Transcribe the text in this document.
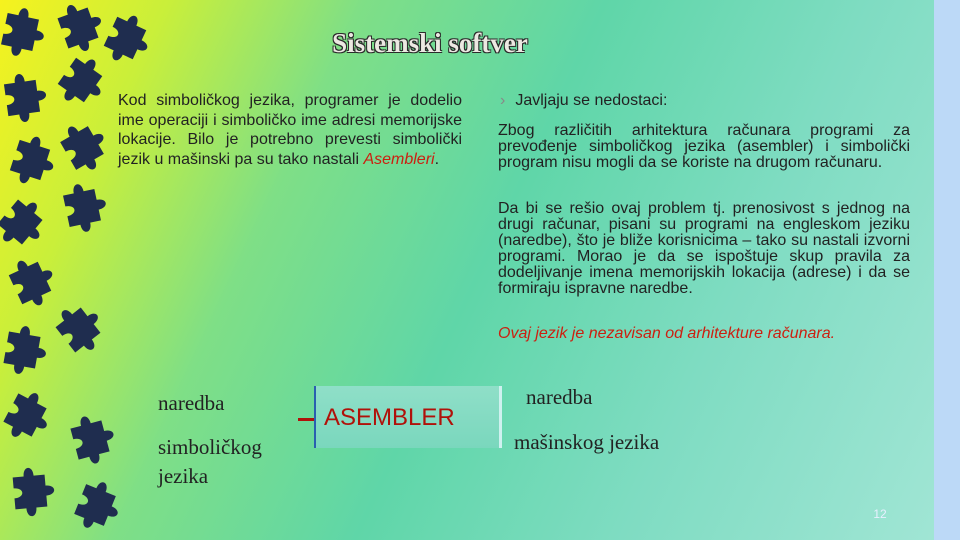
Sistemski softver
Kod simboličkog jezika, programer je dodelio ime operaciji i simboličko ime adresi memorijske lokacije. Bilo je potrebno prevesti simbolički jezik u mašinski pa su tako nastali Asembleri.
› Javljaju se nedostaci:
Zbog različitih arhitektura računara programi za prevođenje simboličkog jezika (asembler) i simbolički program nisu mogli da se koriste na drugom računaru.
Da bi se rešio ovaj problem tj. prenosivost s jednog na drugi računar, pisani su programi na engleskom jeziku (naredbe), što je bliže korisnicima – tako su nastali izvorni programi. Morao je da se ispoštuje skup pravila za dodeljivanje imena memorijskih lokacija (adrese) i da se formiraju ispravne naredbe.
Ovaj jezik je nezavisan od arhitekture računara.
naredba
simboličkog
jezika
ASEMBLER
naredba
mašinskog jezika
12
